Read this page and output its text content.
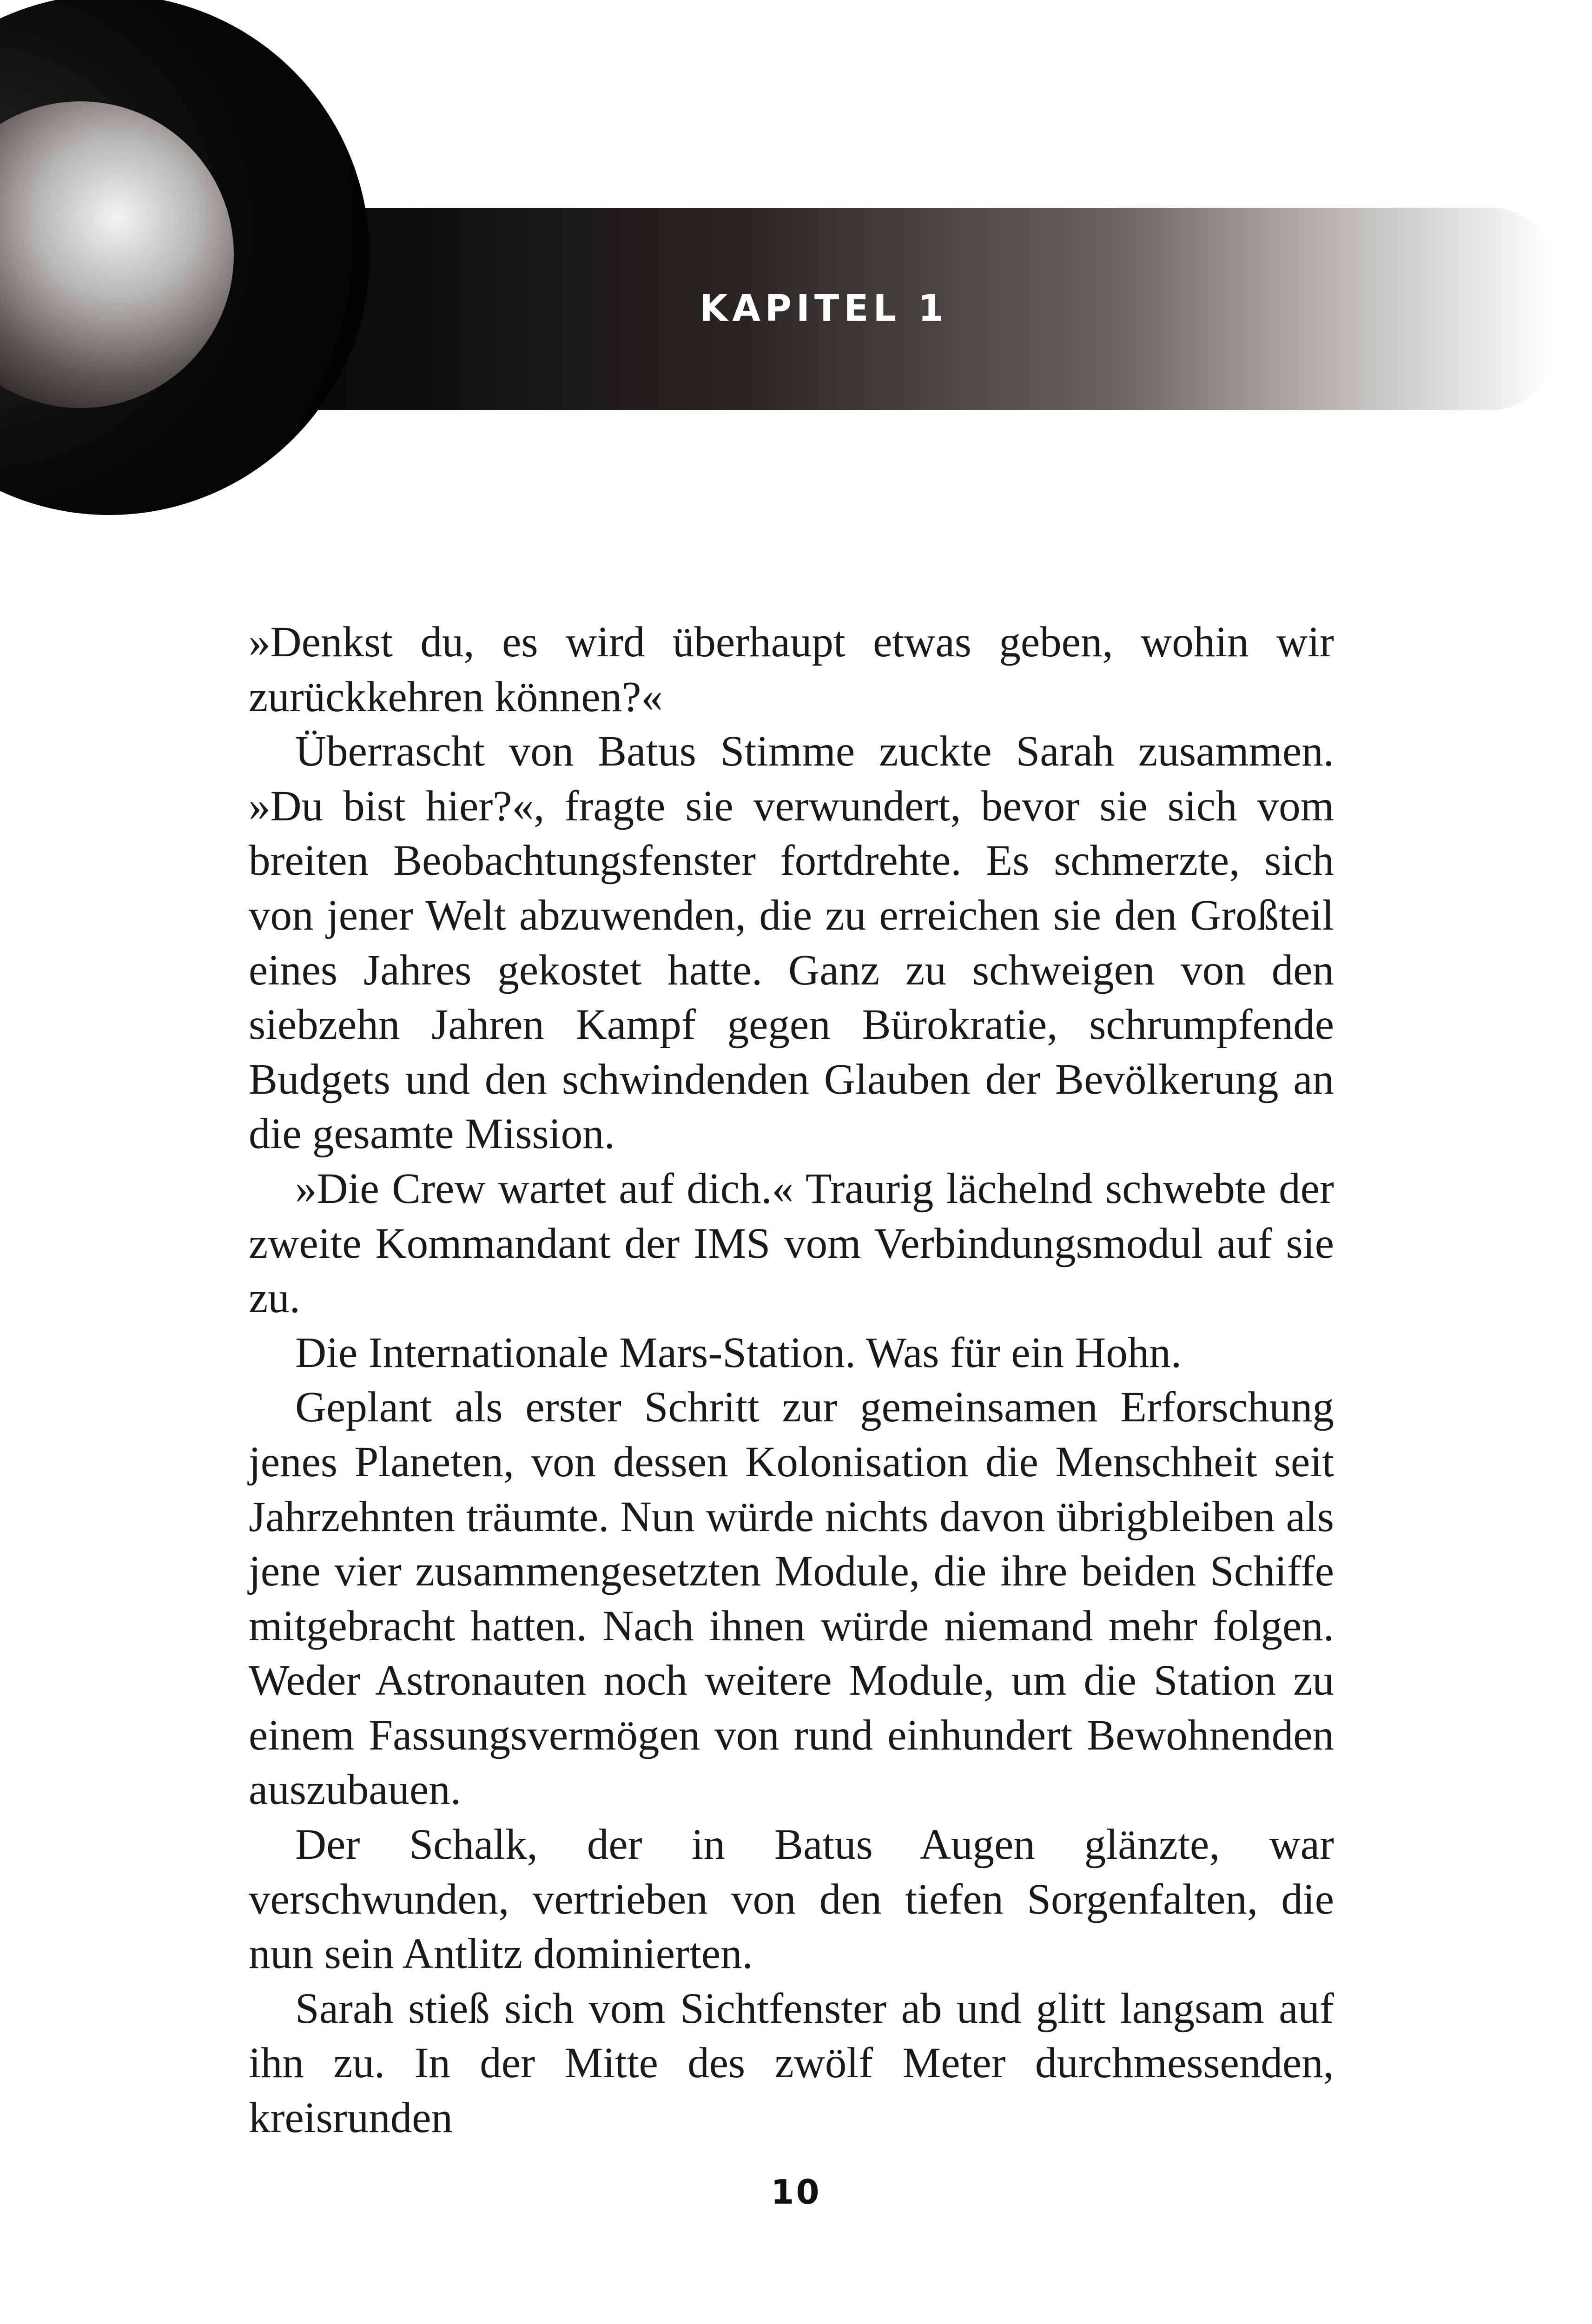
KAPITEL 1

»Denkst du, es wird überhaupt etwas geben, wohin wir zurückkehren können?«

Überrascht von Batus Stimme zuckte Sarah zusammen. »Du bist hier?«, fragte sie verwundert, bevor sie sich vom breiten Beobachtungsfenster fortdrehte. Es schmerzte, sich von jener Welt abzuwenden, die zu erreichen sie den Großteil eines Jahres gekostet hatte. Ganz zu schweigen von den siebzehn Jahren Kampf gegen Bürokratie, schrumpfende Budgets und den schwindenden Glauben der Bevölkerung an die gesamte Mission.

»Die Crew wartet auf dich.« Traurig lächelnd schwebte der zweite Kommandant der IMS vom Verbindungsmodul auf sie zu.

Die Internationale Mars-Station. Was für ein Hohn.

Geplant als erster Schritt zur gemeinsamen Erforschung jenes Planeten, von dessen Kolonisation die Menschheit seit Jahrzehnten träumte. Nun würde nichts davon übrigbleiben als jene vier zusammengesetzten Module, die ihre beiden Schiffe mitgebracht hatten. Nach ihnen würde niemand mehr folgen. Weder Astronauten noch weitere Module, um die Station zu einem Fassungsvermögen von rund einhundert Bewohnenden auszubauen.

Der Schalk, der in Batus Augen glänzte, war verschwunden, vertrieben von den tiefen Sorgenfalten, die nun sein Antlitz dominierten.

Sarah stieß sich vom Sichtfenster ab und glitt langsam auf ihn zu. In der Mitte des zwölf Meter durchmessenden, kreisrunden

10
